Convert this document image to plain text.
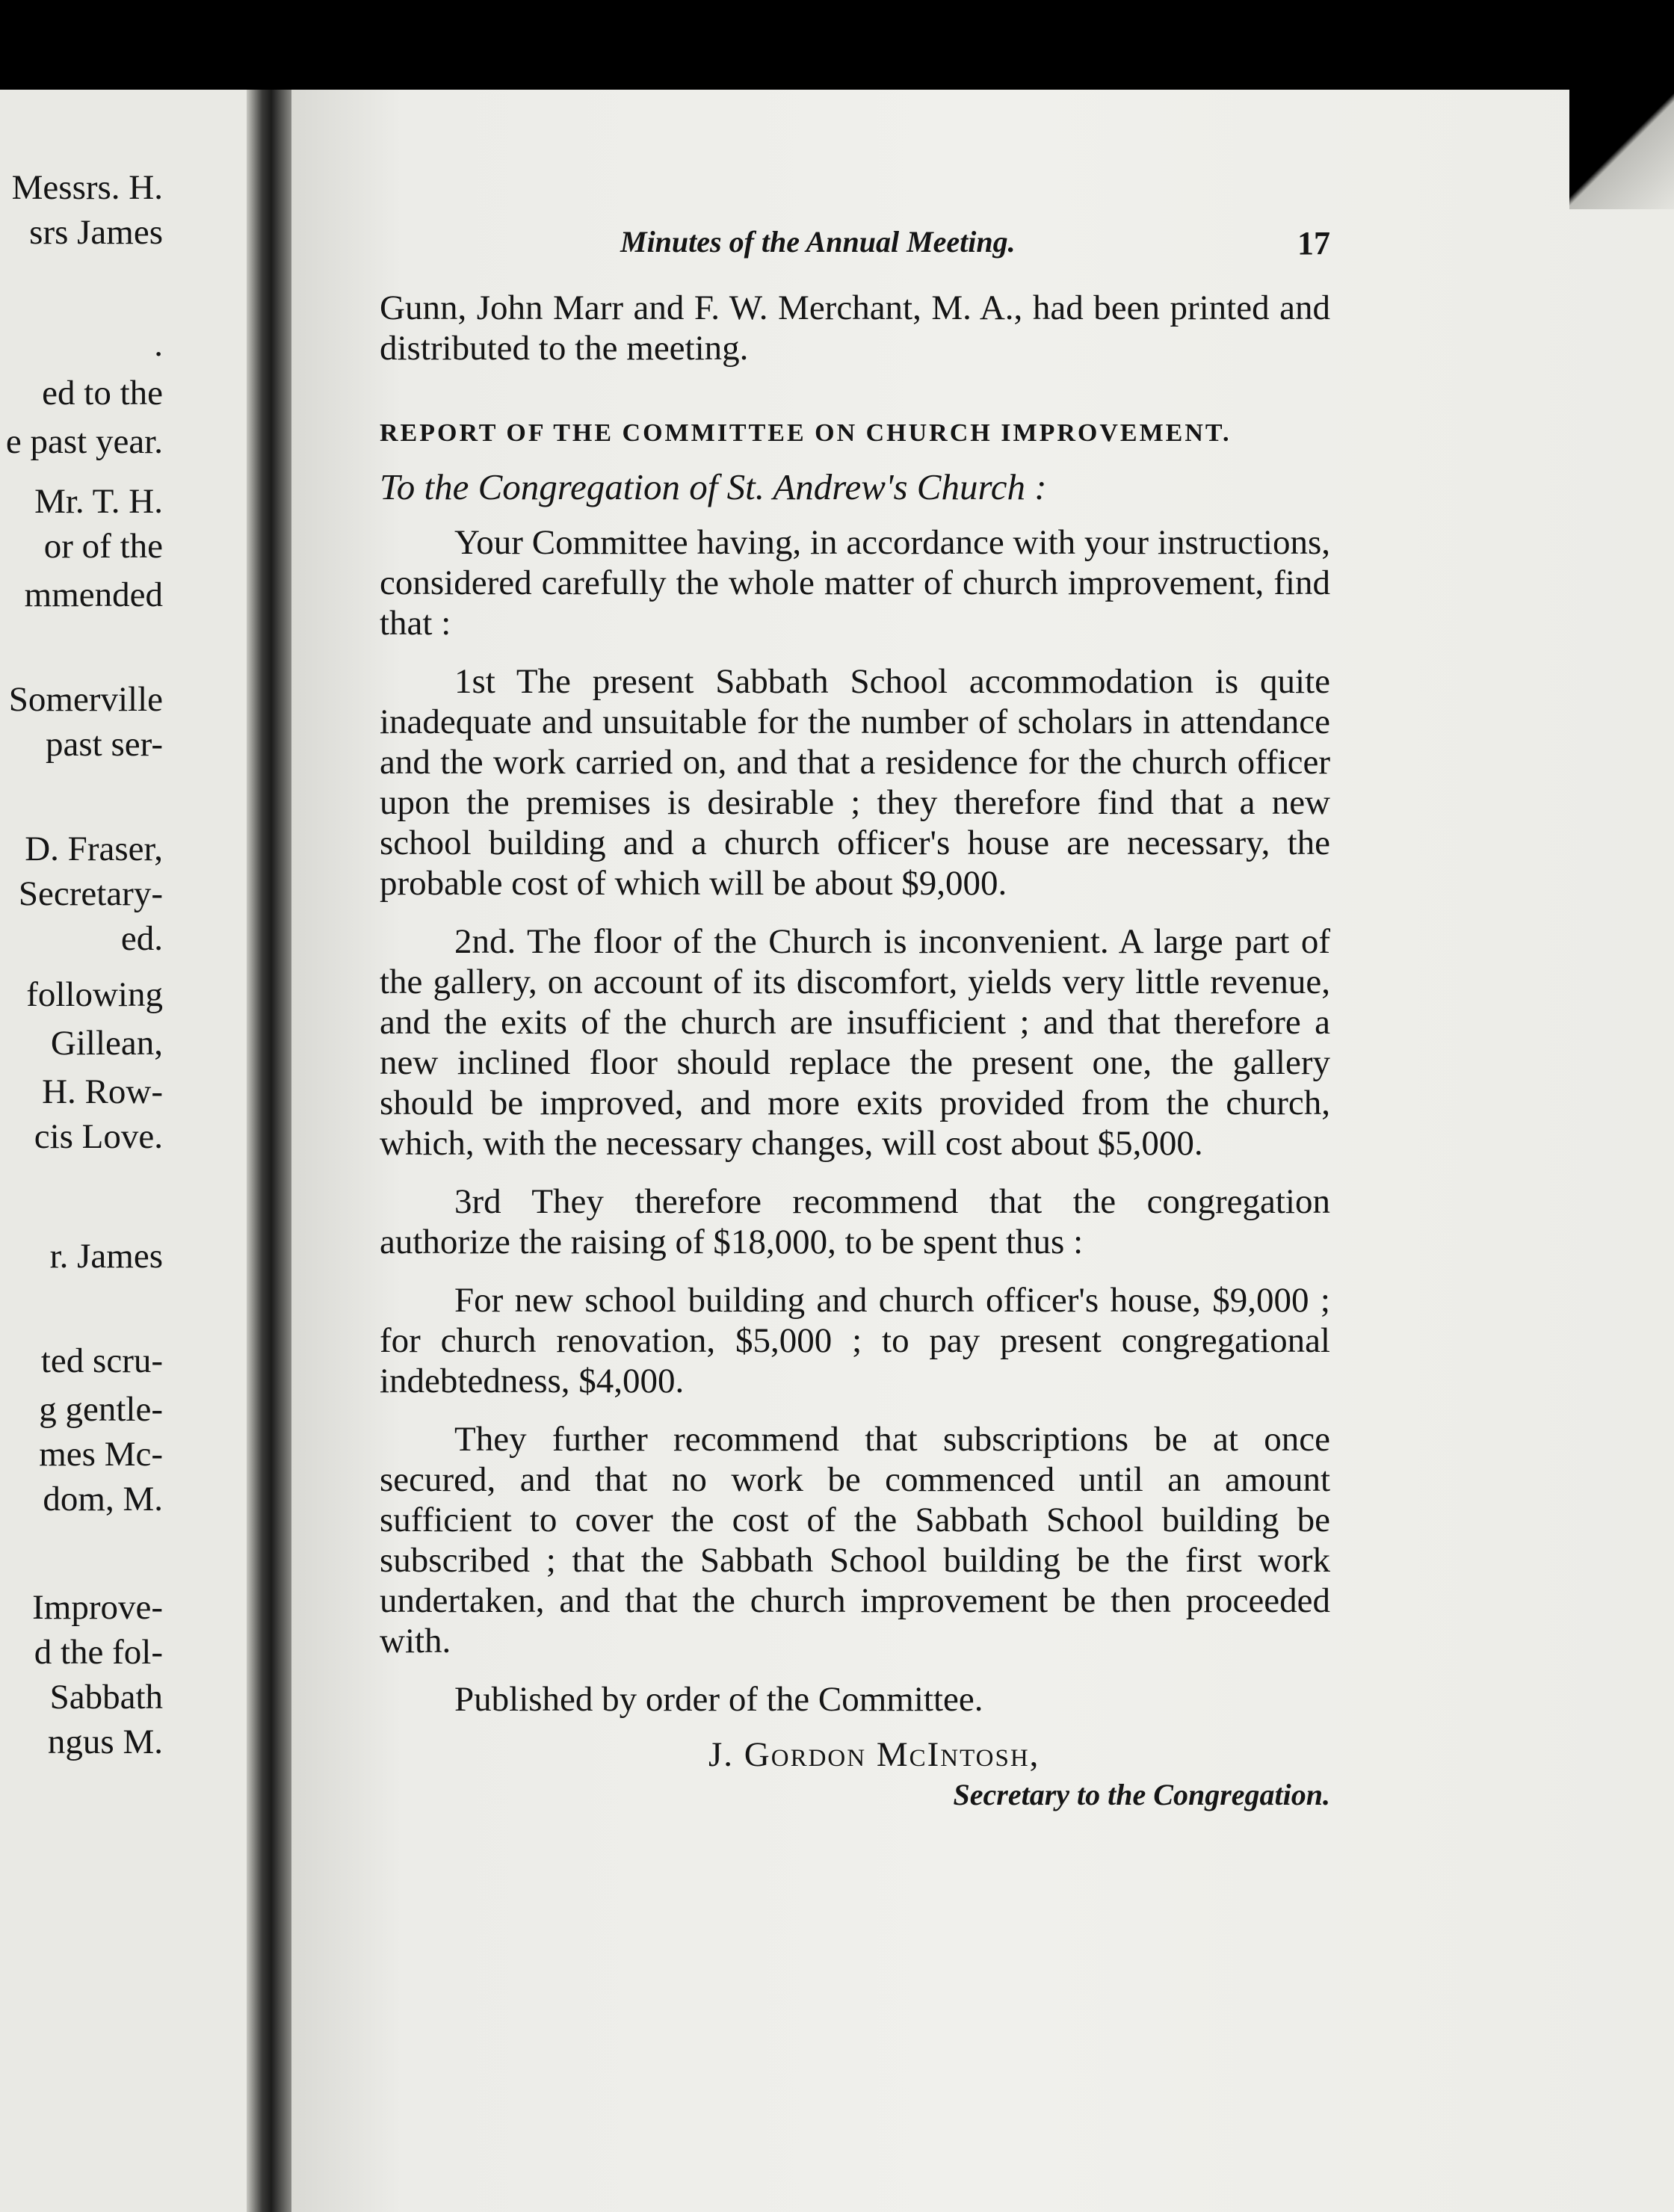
Messrs. H.
srs James
.
ed to the
e past year.
Mr. T. H.
or of the
mmended
Somerville
past ser-
D. Fraser,
Secretary-
ed.
following
Gillean,
H. Row-
cis Love.
r. James
ted scru-
g gentle-
mes Mc-
dom, M.
Improve-
d the fol-
Sabbath
ngus M.
Minutes of the Annual Meeting.	17

Gunn, John Marr and F. W. Merchant, M. A., had been printed and distributed to the meeting.

REPORT OF THE COMMITTEE ON CHURCH IMPROVEMENT.

To the Congregation of St. Andrew's Church :

Your Committee having, in accordance with your instructions, considered carefully the whole matter of church improvement, find that :

1st The present Sabbath School accommodation is quite inadequate and unsuitable for the number of scholars in attendance and the work carried on, and that a residence for the church officer upon the premises is desirable ; they therefore find that a new school building and a church officer's house are necessary, the probable cost of which will be about $9,000.

2nd. The floor of the Church is inconvenient. A large part of the gallery, on account of its discomfort, yields very little revenue, and the exits of the church are insufficient ; and that therefore a new inclined floor should replace the present one, the gallery should be improved, and more exits provided from the church, which, with the necessary changes, will cost about $5,000.

3rd They therefore recommend that the congregation authorize the raising of $18,000, to be spent thus :

For new school building and church officer's house, $9,000 ; for church renovation, $5,000 ; to pay present congregational indebtedness, $4,000.

They further recommend that subscriptions be at once secured, and that no work be commenced until an amount sufficient to cover the cost of the Sabbath School building be subscribed ; that the Sabbath School building be the first work undertaken, and that the church improvement be then proceeded with.

Published by order of the Committee.

J. Gordon McIntosh,

Secretary to the Congregation.
